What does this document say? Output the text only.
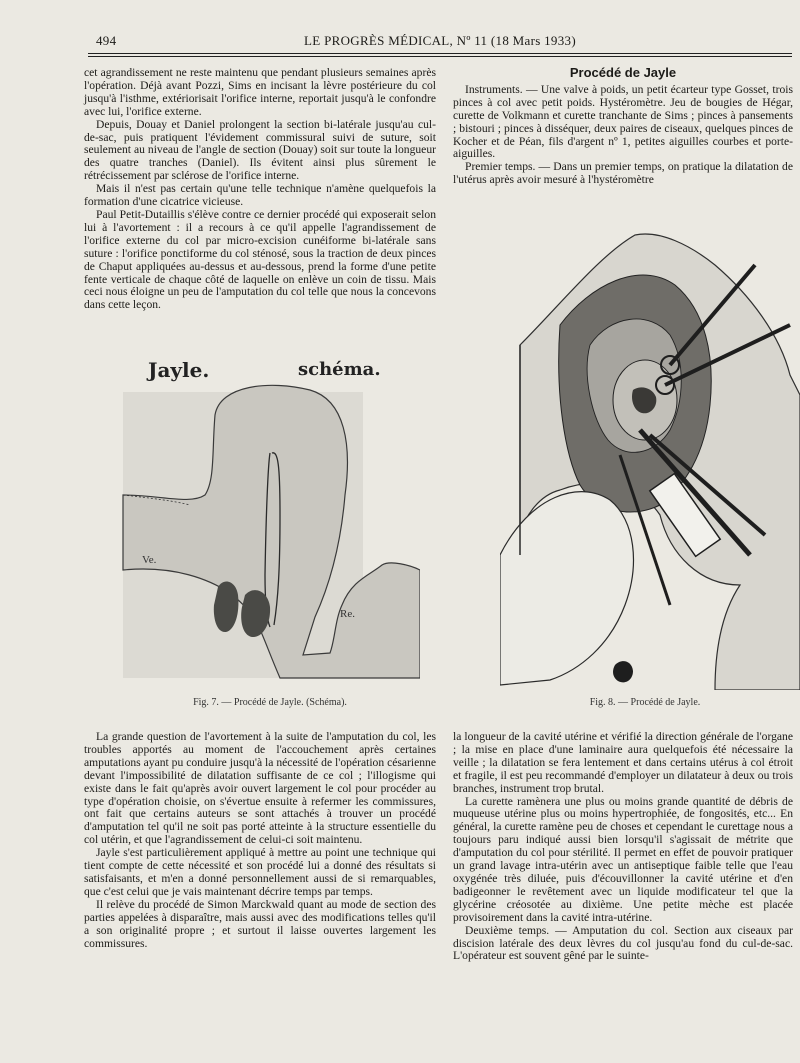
494	LE PROGRÈS MÉDICAL, Nº 11 (18 Mars 1933)

cet agrandissement ne reste maintenu que pendant plusieurs semaines après l'opération. Déjà avant Pozzi, Sims en incisant la lèvre postérieure du col jusqu'à l'isthme, extériorisait l'orifice interne, reportait jusqu'à le confondre avec lui, l'orifice externe.

Depuis, Douay et Daniel prolongent la section bi-latérale jusqu'au cul-de-sac, puis pratiquent l'évidement commissural suivi de suture, soit seulement au niveau de l'angle de section (Douay) soit sur toute la longueur des quatre tranches (Daniel). Ils évitent ainsi plus sûrement le rétrécissement par sclérose de l'orifice interne.

Mais il n'est pas certain qu'une telle technique n'amène quelquefois la formation d'une cicatrice vicieuse.

Paul Petit-Dutaillis s'élève contre ce dernier procédé qui exposerait selon lui à l'avortement : il a recours à ce qu'il appelle l'agrandissement de l'orifice externe du col par micro-excision cunéiforme bi-latérale sans suture : l'orifice ponctiforme du col sténosé, sous la traction de deux pinces de Chaput appliquées au-dessus et au-dessous, prend la forme d'une petite fente verticale de chaque côté de laquelle on enlève un coin de tissu. Mais ceci nous éloigne un peu de l'amputation du col telle que nous la concevons dans cette leçon.

Jayle.	schéma.
Ve.
Re.
Fig. 7. — Procédé de Jayle. (Schéma).
Procédé de Jayle

Instruments. — Une valve à poids, un petit écarteur type Gosset, trois pinces à col avec petit poids. Hystéromètre. Jeu de bougies de Hégar, curette de Volkmann et curette tranchante de Sims ; pinces à pansements ; bistouri ; pinces à disséquer, deux paires de ciseaux, quelques pinces de Kocher et de Péan, fils d'argent nº 1, petites aiguilles courbes et porte-aiguilles.

Premier temps. — Dans un premier temps, on pratique la dilatation de l'utérus après avoir mesuré à l'hystéromètre

Fig. 8. — Procédé de Jayle.

La grande question de l'avortement à la suite de l'amputation du col, les troubles apportés au moment de l'accouchement après certaines amputations ayant pu conduire jusqu'à la nécessité de l'opération césarienne devant l'impossibilité de dilatation suffisante de ce col ; l'illogisme qui existe dans le fait qu'après avoir ouvert largement le col pour procéder au type d'opération choisie, on s'évertue ensuite à refermer les commissures, ont fait que certains auteurs se sont attachés à trouver un procédé d'amputation tel qu'il ne soit pas porté atteinte à la structure essentielle du col utérin, et que l'agrandissement de celui-ci soit maintenu.

Jayle s'est particulièrement appliqué à mettre au point une technique qui tient compte de cette nécessité et son procédé lui a donné des résultats si satisfaisants, et m'en a donné personnellement aussi de si remarquables, que c'est celui que je vais maintenant décrire temps par temps.

Il relève du procédé de Simon Marckwald quant au mode de section des parties appelées à disparaître, mais aussi avec des modifications telles qu'il a son originalité propre ; et surtout il laisse ouvertes largement les commissures.

la longueur de la cavité utérine et vérifié la direction générale de l'organe ; la mise en place d'une laminaire aura quelquefois été nécessaire la veille ; la dilatation se fera lentement et dans certains utérus à col étroit et fragile, il est peu recommandé d'employer un dilatateur à deux ou trois branches, instrument trop brutal.

La curette ramènera une plus ou moins grande quantité de débris de muqueuse utérine plus ou moins hypertrophiée, de fongosités, etc... En général, la curette ramène peu de choses et cependant le curettage nous a toujours paru indiqué aussi bien lorsqu'il s'agissait de métrite que d'amputation du col pour stérilité. Il permet en effet de pouvoir pratiquer un grand lavage intra-utérin avec un antiseptique faible telle que l'eau oxygénée très diluée, puis d'écouvillonner la cavité utérine et d'en badigeonner le revêtement avec un liquide modificateur tel que la glycérine créosotée au dixième. Une petite mèche est placée provisoirement dans la cavité intra-utérine.

Deuxième temps. — Amputation du col. Section aux ciseaux par discision latérale des deux lèvres du col jusqu'au fond du cul-de-sac. L'opérateur est souvent gêné par le suinte-
